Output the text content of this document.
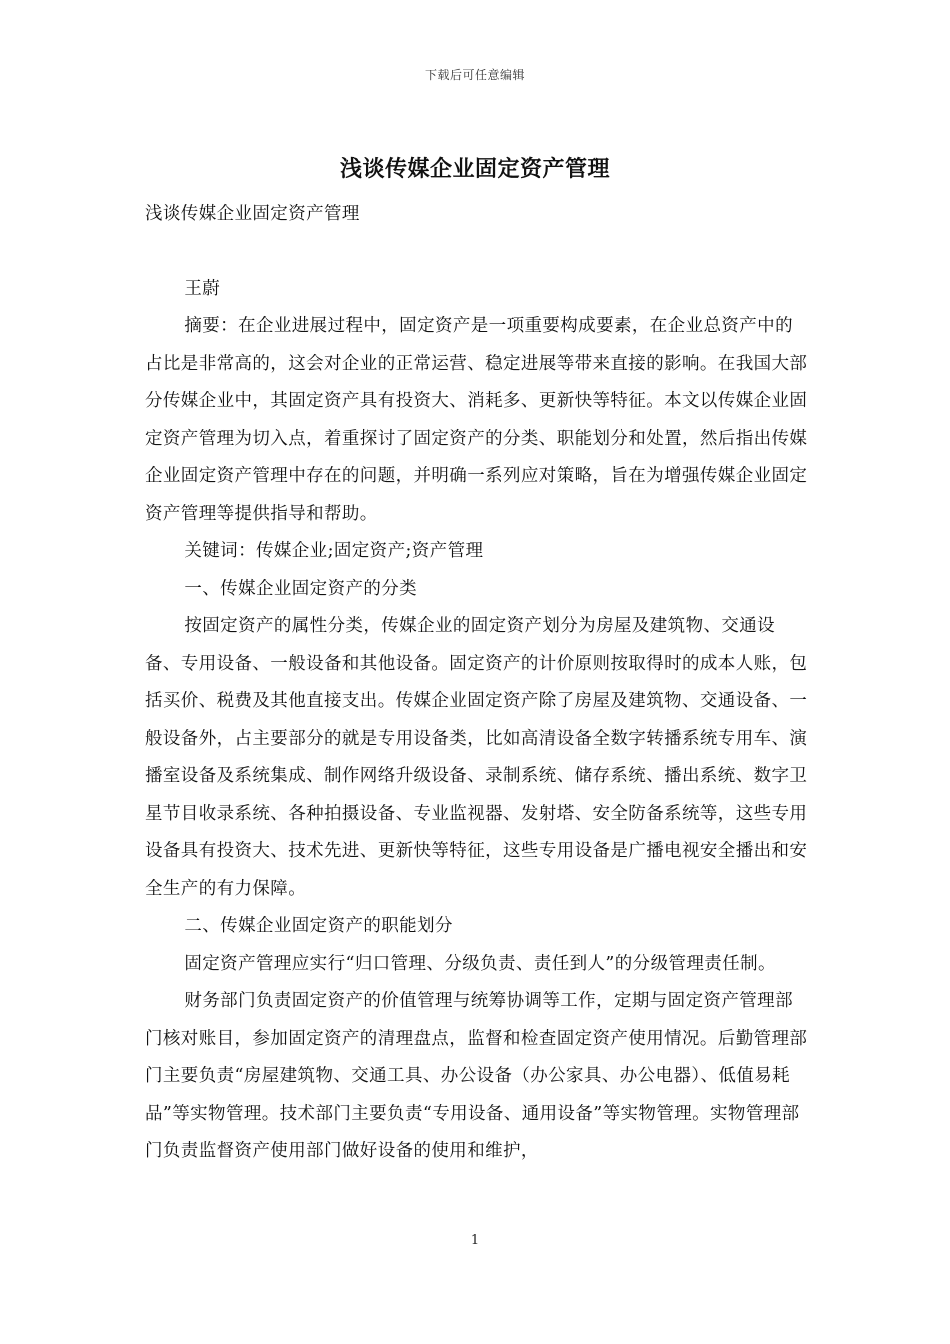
下载后可任意编辑
浅谈传媒企业固定资产管理

浅谈传媒企业固定资产管理

王蔚

摘要：在企业进展过程中，固定资产是一项重要构成要素，在企业总资产中的占比是非常高的，这会对企业的正常运营、稳定进展等带来直接的影响。在我国大部分传媒企业中，其固定资产具有投资大、消耗多、更新快等特征。本文以传媒企业固定资产管理为切入点，着重探讨了固定资产的分类、职能划分和处置，然后指出传媒企业固定资产管理中存在的问题，并明确一系列应对策略，旨在为增强传媒企业固定资产管理等提供指导和帮助。

关键词：传媒企业;固定资产;资产管理

一、传媒企业固定资产的分类

按固定资产的属性分类，传媒企业的固定资产划分为房屋及建筑物、交通设备、专用设备、一般设备和其他设备。固定资产的计价原则按取得时的成本人账，包括买价、税费及其他直接支出。传媒企业固定资产除了房屋及建筑物、交通设备、一般设备外，占主要部分的就是专用设备类，比如高清设备全数字转播系统专用车、演播室设备及系统集成、制作网络升级设备、录制系统、储存系统、播出系统、数字卫星节目收录系统、各种拍摄设备、专业监视器、发射塔、安全防备系统等，这些专用设备具有投资大、技术先进、更新快等特征，这些专用设备是广播电视安全播出和安全生产的有力保障。

二、传媒企业固定资产的职能划分

固定资产管理应实行“归口管理、分级负责、责任到人”的分级管理责任制。

财务部门负责固定资产的价值管理与统筹协调等工作，定期与固定资产管理部门核对账目，参加固定资产的清理盘点，监督和检查固定资产使用情况。后勤管理部门主要负责“房屋建筑物、交通工具、办公设备（办公家具、办公电器）、低值易耗品”等实物管理。技术部门主要负责“专用设备、通用设备”等实物管理。实物管理部门负责监督资产使用部门做好设备的使用和维护，

1
